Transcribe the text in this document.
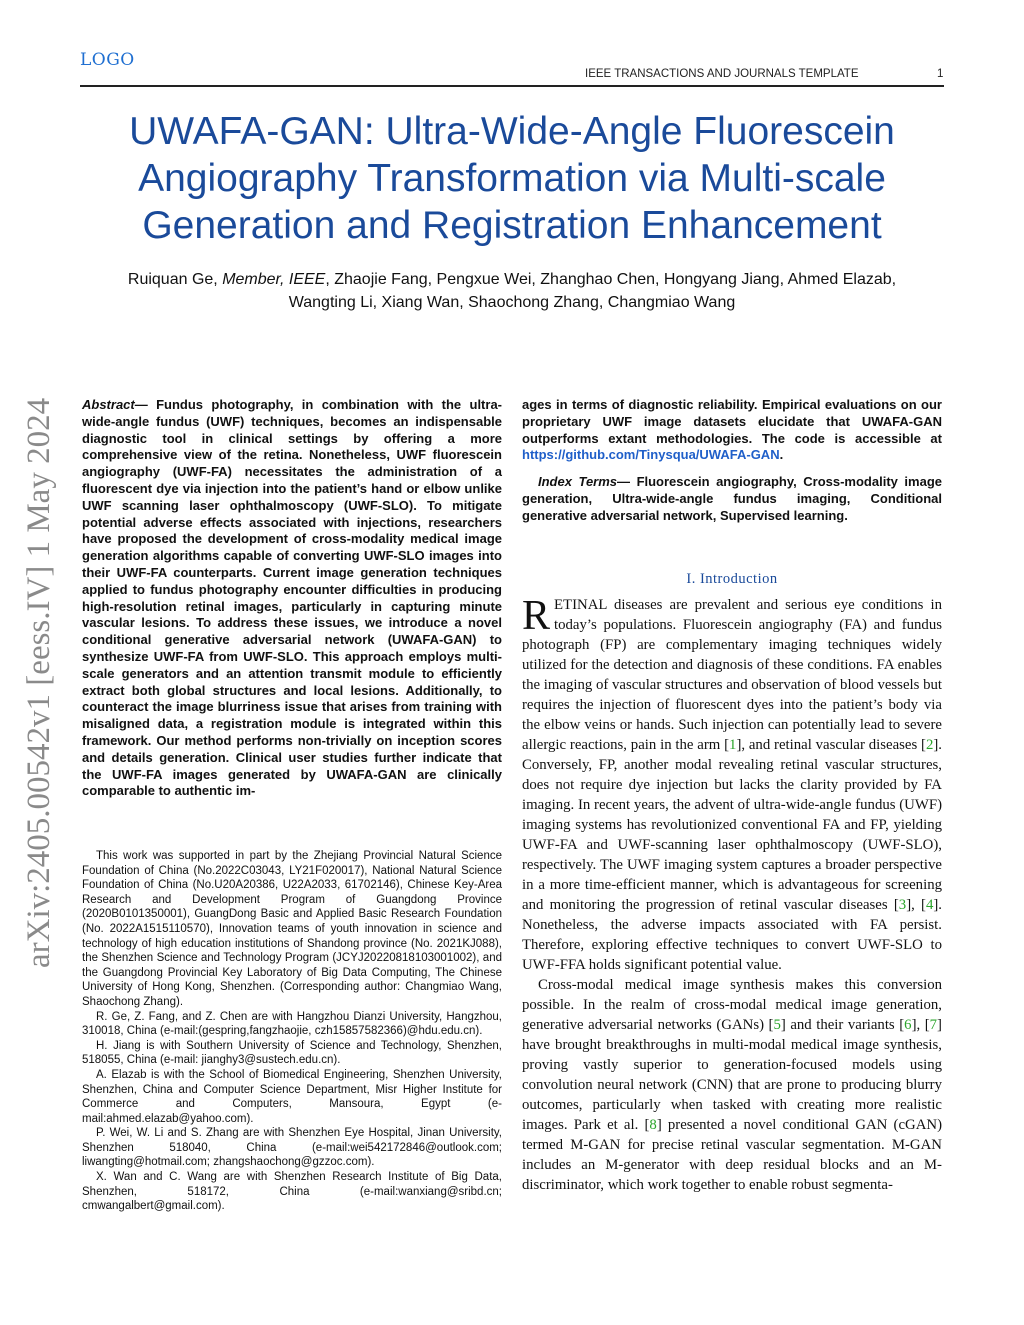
LOGO
IEEE TRANSACTIONS AND JOURNALS TEMPLATE	1
UWAFA-GAN: Ultra-Wide-Angle Fluorescein Angiography Transformation via Multi-scale Generation and Registration Enhancement
Ruiquan Ge, Member, IEEE, Zhaojie Fang, Pengxue Wei, Zhanghao Chen, Hongyang Jiang, Ahmed Elazab, Wangting Li, Xiang Wan, Shaochong Zhang, Changmiao Wang
arXiv:2405.00542v1 [eess.IV] 1 May 2024 Abstract— Fundus photography, in combination with the ultra-wide-angle fundus (UWF) techniques, becomes an indispensable diagnostic tool in clinical settings by offering a more comprehensive view of the retina. Nonetheless, UWF fluorescein angiography (UWF-FA) necessitates the administration of a fluorescent dye via injection into the patient’s hand or elbow unlike UWF scanning laser ophthalmoscopy (UWF-SLO). To mitigate potential adverse effects associated with injections, researchers have proposed the development of cross-modality medical image generation algorithms capable of converting UWF-SLO images into their UWF-FA counterparts. Current image generation techniques applied to fundus photography encounter difficulties in producing high-resolution retinal images, particularly in capturing minute vascular lesions. To address these issues, we introduce a novel conditional generative adversarial network (UWAFA-GAN) to synthesize UWF-FA from UWF-SLO. This approach employs multi-scale generators and an attention transmit module to efficiently extract both global structures and local lesions. Additionally, to counteract the image blurriness issue that arises from training with misaligned data, a registration module is integrated within this framework. Our method performs non-trivially on inception scores and details generation. Clinical user studies further indicate that the UWF-FA images generated by UWAFA-GAN are clinically comparable to authentic im-
ages in terms of diagnostic reliability. Empirical evaluations on our proprietary UWF image datasets elucidate that UWAFA-GAN outperforms extant methodologies. The code is accessible at https://github.com/Tinysqua/UWAFA-GAN.
Index Terms— Fluorescein angiography, Cross-modality image generation, Ultra-wide-angle fundus imaging, Conditional generative adversarial network, Supervised learning.

This work was supported in part by the Zhejiang Provincial Natural Science Foundation of China (No.2022C03043, LY21F020017), National Natural Science Foundation of China (No.U20A20386, U22A2033, 61702146), Chinese Key-Area Research and Development Program of Guangdong Province (2020B0101350001), GuangDong Basic and Applied Basic Research Foundation (No. 2022A1515110570), Innovation teams of youth innovation in science and technology of high education institutions of Shandong province (No. 2021KJ088), the Shenzhen Science and Technology Program (JCYJ20220818103001002), and the Guangdong Provincial Key Laboratory of Big Data Computing, The Chinese University of Hong Kong, Shenzhen. (Corresponding author: Changmiao Wang, Shaochong Zhang).

R. Ge, Z. Fang, and Z. Chen are with Hangzhou Dianzi University, Hangzhou, 310018, China (e-mail:(gespring,fangzhaojie, czh15857582366)@hdu.edu.cn).

H. Jiang is with Southern University of Science and Technology, Shenzhen, 518055, China (e-mail: jianghy3@sustech.edu.cn).

A. Elazab is with the School of Biomedical Engineering, Shenzhen University, Shenzhen, China and Computer Science Department, Misr Higher Institute for Commerce and Computers, Mansoura, Egypt (e-mail:ahmed.elazab@yahoo.com).

P. Wei, W. Li and S. Zhang are with Shenzhen Eye Hospital, Jinan University, Shenzhen 518040, China (e-mail:wei542172846@outlook.com; liwangting@hotmail.com; zhangshaochong@gzzoc.com).

X. Wan and C. Wang are with Shenzhen Research Institute of Big Data, Shenzhen, 518172, China (e-mail:wanxiang@sribd.cn; cmwangalbert@gmail.com).

I. Introduction

RETINAL diseases are prevalent and serious eye conditions in today’s populations. Fluorescein angiography (FA) and fundus photograph (FP) are complementary imaging techniques widely utilized for the detection and diagnosis of these conditions. FA enables the imaging of vascular structures and observation of blood vessels but requires the injection of fluorescent dyes into the patient’s body via the elbow veins or hands. Such injection can potentially lead to severe allergic reactions, pain in the arm [1], and retinal vascular diseases [2]. Conversely, FP, another modal revealing retinal vascular structures, does not require dye injection but lacks the clarity provided by FA imaging. In recent years, the advent of ultra-wide-angle fundus (UWF) imaging systems has revolutionized conventional FA and FP, yielding UWF-FA and UWF-scanning laser ophthalmoscopy (UWF-SLO), respectively. The UWF imaging system captures a broader perspective in a more time-efficient manner, which is advantageous for screening and monitoring the progression of retinal vascular diseases [3], [4]. Nonetheless, the adverse impacts associated with FA persist. Therefore, exploring effective techniques to convert UWF-SLO to UWF-FFA holds significant potential value.

Cross-modal medical image synthesis makes this conversion possible. In the realm of cross-modal medical image generation, generative adversarial networks (GANs) [5] and their variants [6], [7] have brought breakthroughs in multi-modal medical image synthesis, proving vastly superior to generation-focused models using convolution neural network (CNN) that are prone to producing blurry outcomes, particularly when tasked with creating more realistic images. Park et al. [8] presented a novel conditional GAN (cGAN) termed M-GAN for precise retinal vascular segmentation. M-GAN includes an M-generator with deep residual blocks and an M-discriminator, which work together to enable robust segmenta-
